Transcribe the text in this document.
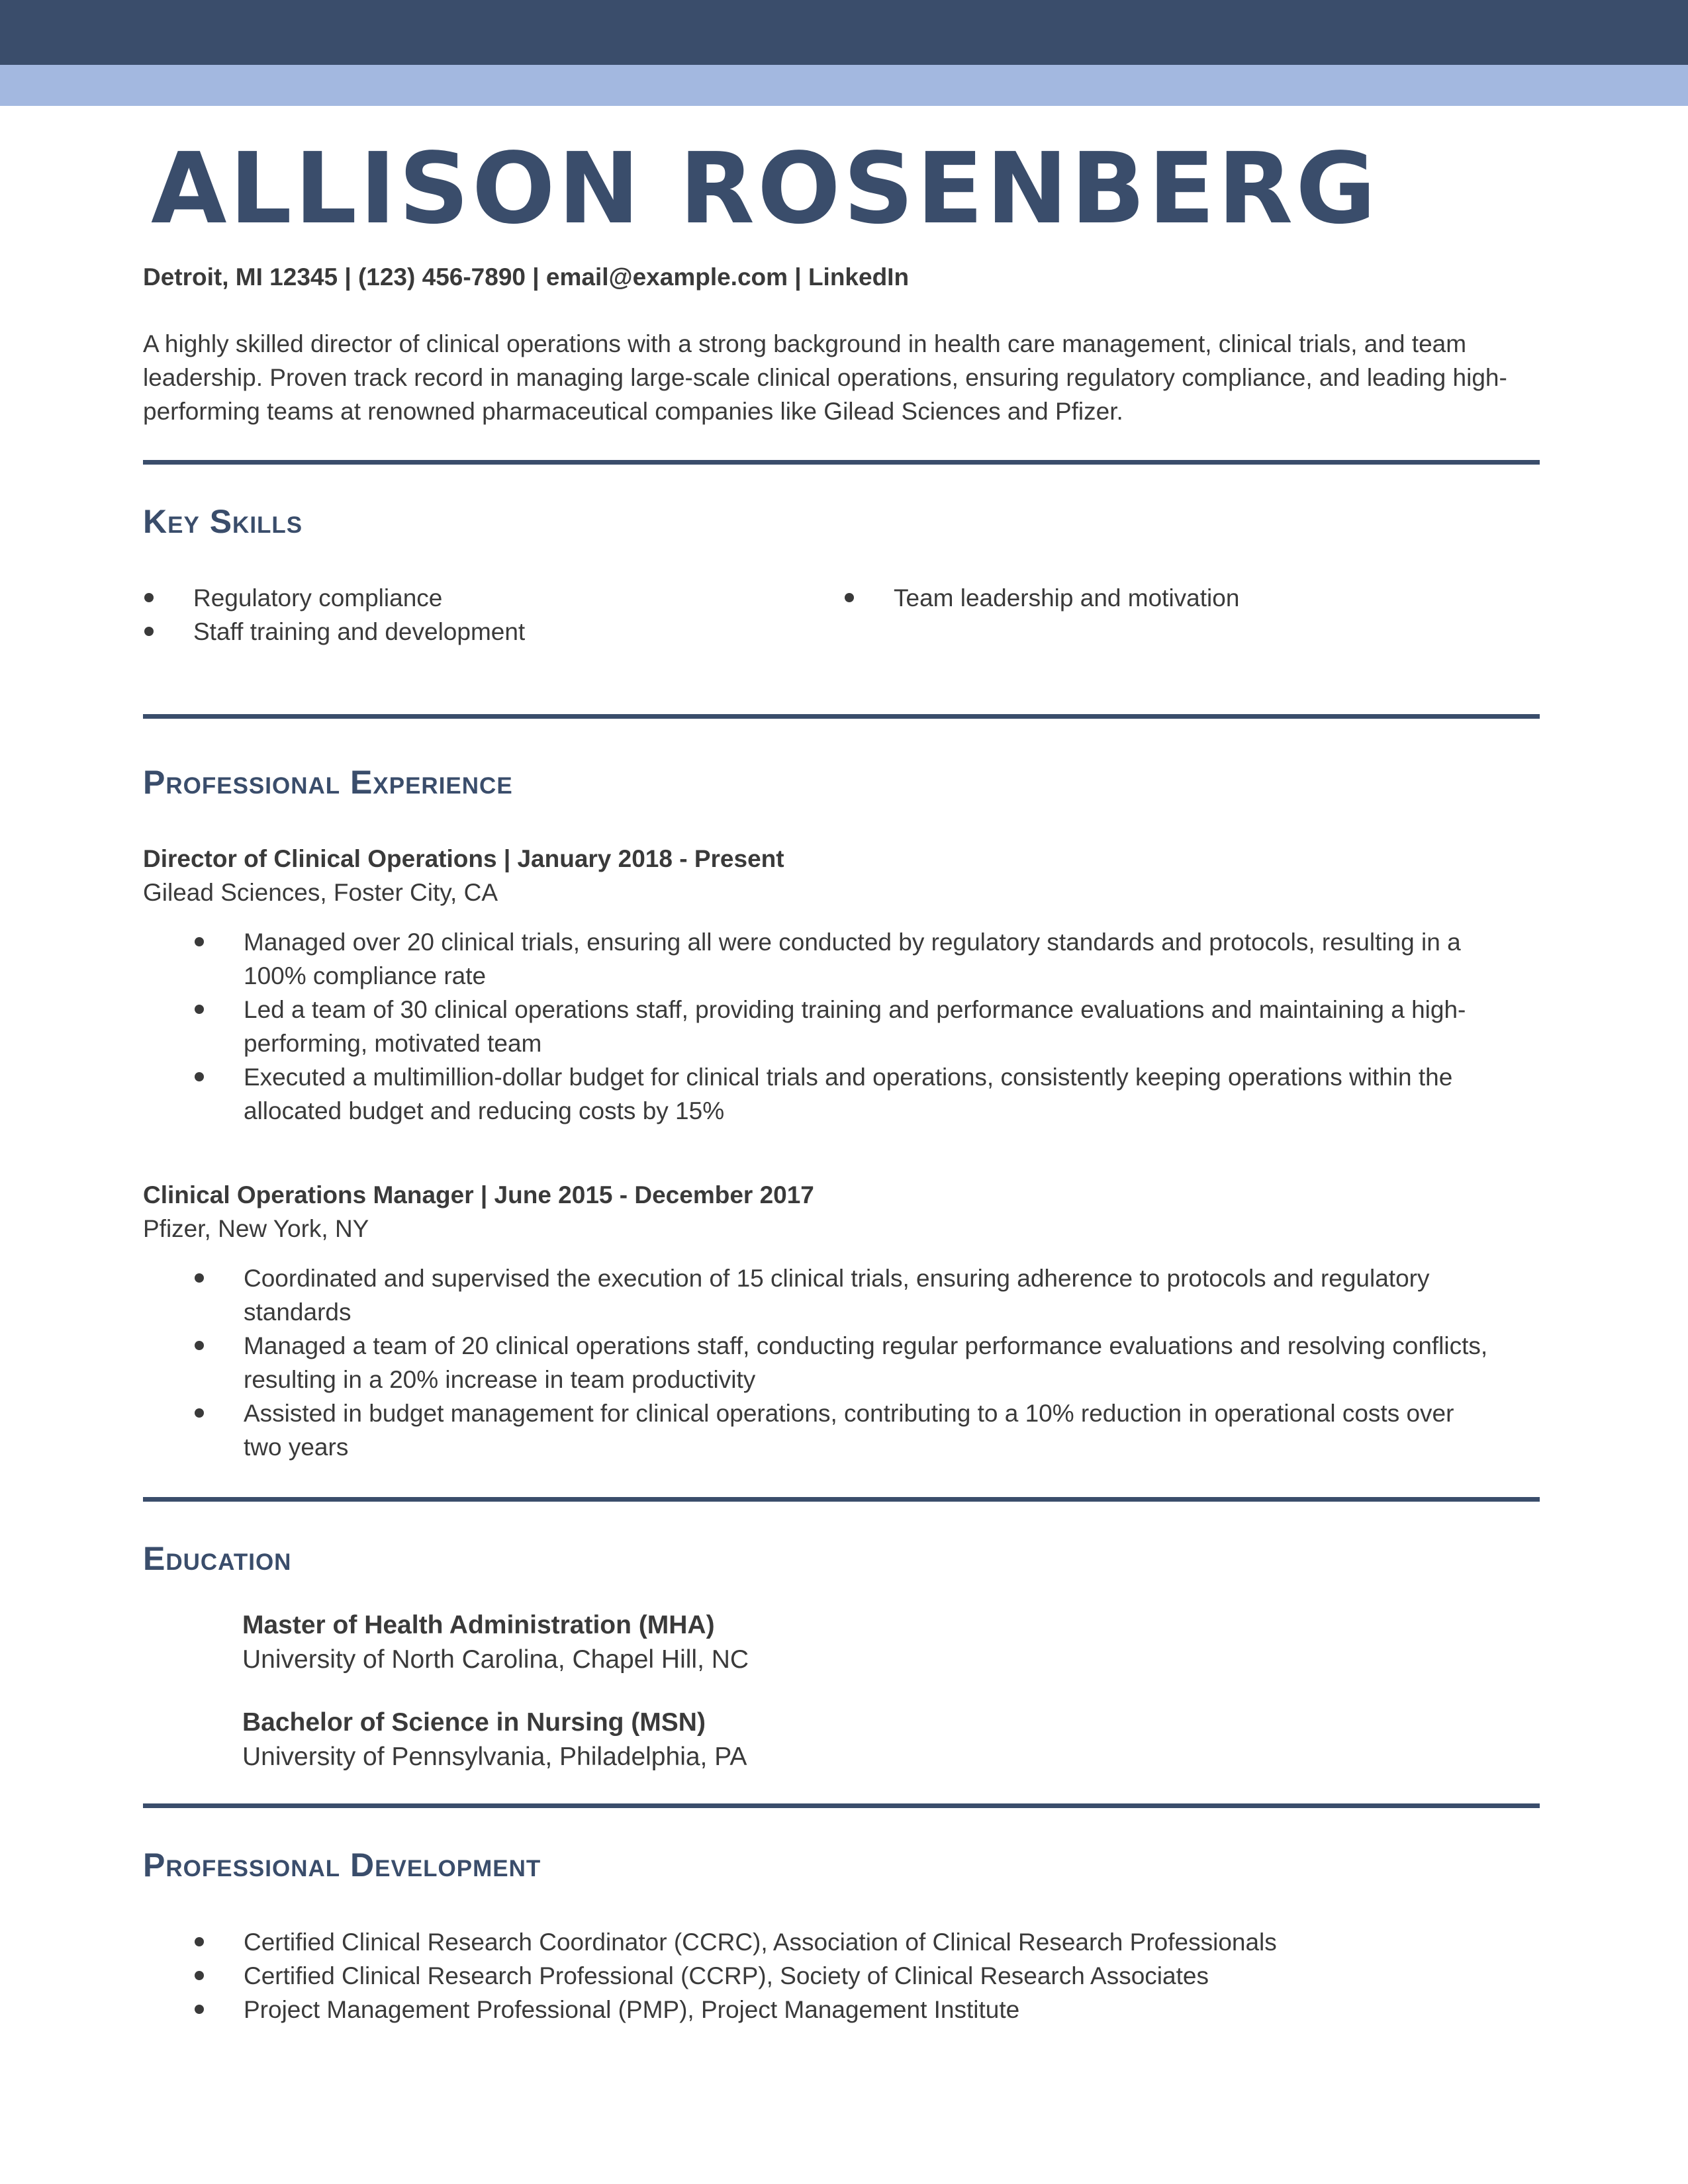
ALLISON ROSENBERG
Detroit, MI 12345 | (123) 456-7890 | email@example.com | LinkedIn
A highly skilled director of clinical operations with a strong background in health care management, clinical trials, and team leadership. Proven track record in managing large-scale clinical operations, ensuring regulatory compliance, and leading high-performing teams at renowned pharmaceutical companies like Gilead Sciences and Pfizer.
Key Skills
Regulatory compliance
Staff training and development
Team leadership and motivation
Professional Experience
Director of Clinical Operations | January 2018 - Present
Gilead Sciences, Foster City, CA
Managed over 20 clinical trials, ensuring all were conducted by regulatory standards and protocols, resulting in a 100% compliance rate
Led a team of 30 clinical operations staff, providing training and performance evaluations and maintaining a high-performing, motivated team
Executed a multimillion-dollar budget for clinical trials and operations, consistently keeping operations within the allocated budget and reducing costs by 15%
Clinical Operations Manager | June 2015 - December 2017
Pfizer, New York, NY
Coordinated and supervised the execution of 15 clinical trials, ensuring adherence to protocols and regulatory standards
Managed a team of 20 clinical operations staff, conducting regular performance evaluations and resolving conflicts, resulting in a 20% increase in team productivity
Assisted in budget management for clinical operations, contributing to a 10% reduction in operational costs over two years
Education
Master of Health Administration (MHA)
University of North Carolina, Chapel Hill, NC
Bachelor of Science in Nursing (MSN)
University of Pennsylvania, Philadelphia, PA
Professional Development
Certified Clinical Research Coordinator (CCRC), Association of Clinical Research Professionals
Certified Clinical Research Professional (CCRP), Society of Clinical Research Associates
Project Management Professional (PMP), Project Management Institute
